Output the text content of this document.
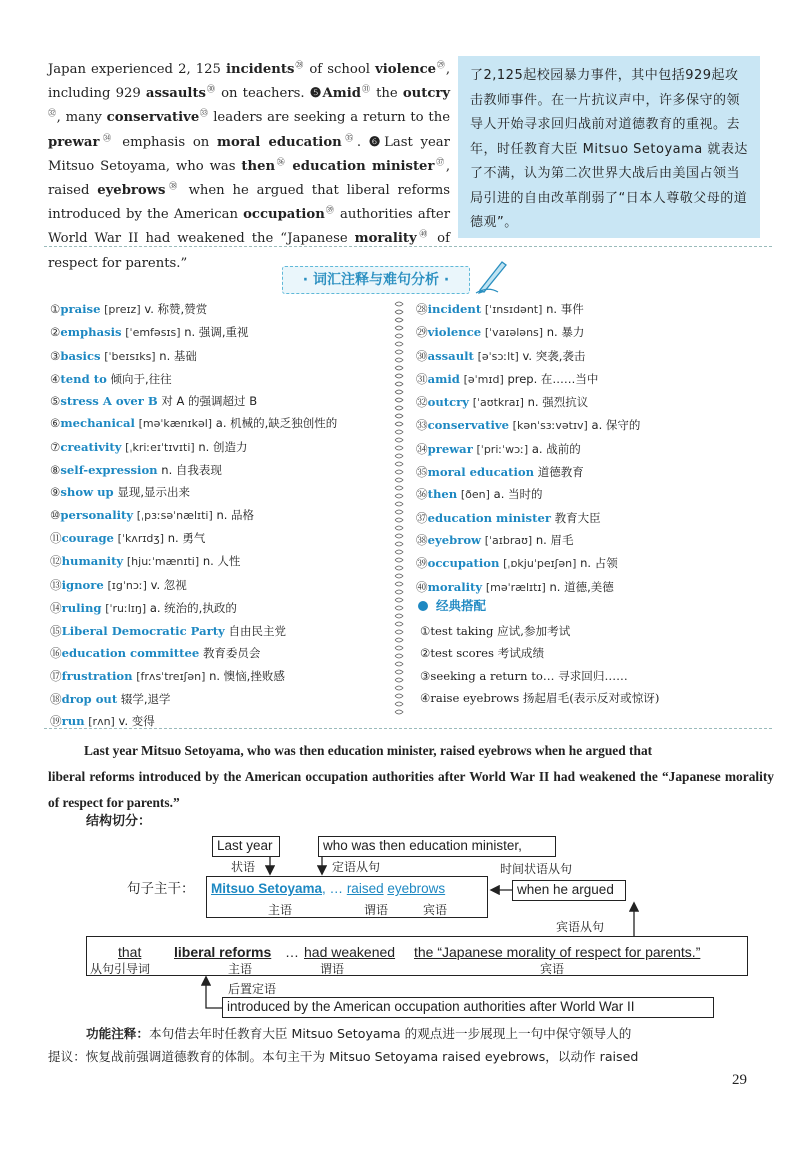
Japan experienced 2, 125 incidents$^㉘$ of school violence$^㉙$, including 929 assaults$^㉚$ on teachers. ❺Amid$^㉛$ the outcry$^㉜$, many conservative$^㉝$ leaders are seeking a return to the prewar$^㉞$ emphasis on moral education$^㉟$. ❻Last year Mitsuo Setoyama, who was then$^㊱$ education minister$^㊲$, raised eyebrows$^㊳$ when he argued that liberal reforms introduced by the American occupation$^㊴$ authorities after World War II had weakened the “Japanese morality$^㊵$ of respect for parents.”
了2,125起校园暴力事件，其中包括929起攻击教师事件。在一片抗议声中，许多保守的领导人开始寻求回归战前对道德教育的重视。去年，时任教育大臣 Mitsuo Setoyama 就表达了不满，认为第二次世界大战后由美国占领当局引进的自由改革削弱了“日本人尊敬父母的道德观”。
· 词汇注释与难句分析 ·
①praise [preɪz] v. 称赞,赞赏
②emphasis [ˈemfəsɪs] n. 强调,重视
③basics [ˈbeɪsɪks] n. 基础
④tend to 倾向于,往往
⑤stress A over B 对 A 的强调超过 B
⑥mechanical [məˈkænɪkəl] a. 机械的,缺乏独创性的
⑦creativity [ˌkriːeɪˈtɪvɪti] n. 创造力
⑧self-expression n. 自我表现
⑨show up 显现,显示出来
⑩personality [ˌpɜːsəˈnælɪti] n. 品格
⑪courage [ˈkʌrɪdʒ] n. 勇气
⑫humanity [hjuːˈmænɪti] n. 人性
⑬ignore [ɪgˈnɔː] v. 忽视
⑭ruling [ˈruːlɪŋ] a. 统治的,执政的
⑮Liberal Democratic Party 自由民主党
⑯education committee 教育委员会
⑰frustration [frʌsˈtreɪʃən] n. 懊恼,挫败感
⑱drop out 辍学,退学
⑲run [rʌn] v. 变得
㉘incident [ˈɪnsɪdənt] n. 事件
㉙violence [ˈvaɪələns] n. 暴力
㉚assault [əˈsɔːlt] v. 突袭,袭击
㉛amid [əˈmɪd] prep. 在……当中
㉜outcry [ˈaʊtkraɪ] n. 强烈抗议
㉝conservative [kənˈsɜːvətɪv] a. 保守的
㉞prewar [ˈpriːˈwɔː] a. 战前的
㉟moral education 道德教育
㊱then [ðen] a. 当时的
㊲education minister 教育大臣
㊳eyebrow [ˈaɪbraʊ] n. 眉毛
㊴occupation [ˌɒkjuˈpeɪʃən] n. 占领
㊵morality [məˈrælɪtɪ] n. 道德,美德
经典搭配
①test taking 应试,参加考试
②test scores 考试成绩
③seeking a return to… 寻求回归……
④raise eyebrows 扬起眉毛(表示反对或惊讶)
Last year Mitsuo Setoyama, who was then education minister, raised eyebrows when he argued that
liberal reforms introduced by the American occupation authorities after World War II had weakened the “Japanese morality of respect for parents.”
结构切分：
Last year
状语
who was then education minister,
定语从句
句子主干：	Mitsuo Setoyama, … raised eyebrows
主语	谓语	宾语
时间状语从句
when he argued
宾语从句
that liberal reforms … had weakened the “Japanese morality of respect for parents.”
从句引导词	主语	谓语	宾语
后置定语
introduced by the American occupation authorities after World War II
功能注释：本句借去年时任教育大臣 Mitsuo Setoyama 的观点进一步展现上一句中保守领导人的
提议：恢复战前强调道德教育的体制。本句主干为 Mitsuo Setoyama raised eyebrows，以动作 raised
29
